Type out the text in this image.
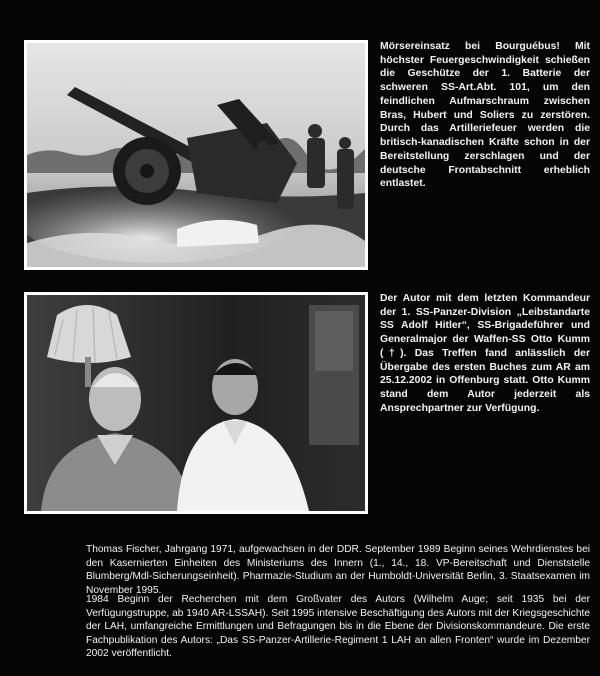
Mörsereinsatz bei Bourguébus! Mit höchster Feuergeschwindigkeit schießen die Geschütze der 1. Batterie der schweren SS-Art.Abt. 101, um den feindlichen Aufmarschraum zwischen Bras, Hubert und Soliers zu zerstören. Durch das Artilleriefeuer werden die britisch-kanadischen Kräfte schon in der Bereitstellung zerschlagen und der deutsche Frontabschnitt erheblich entlastet.
Der Autor mit dem letzten Kommandeur der 1. SS-Panzer-Division „Leibstandarte SS Adolf Hitler“, SS-Brigadeführer und Generalmajor der Waffen-SS Otto Kumm (†). Das Treffen fand anlässlich der Übergabe des ersten Buches zum AR am 25.12.2002 in Offenburg statt. Otto Kumm stand dem Autor jederzeit als Ansprechpartner zur Verfügung.

Thomas Fischer, Jahrgang 1971, aufgewachsen in der DDR. September 1989 Beginn seines Wehrdienstes bei den Kasernierten Einheiten des Ministeriums des Innern (1., 14., 18. VP-Bereitschaft und Dienststelle Blumberg/Mdl-Sicherungseinheit). Pharmazie-Studium an der Humboldt-Universität Berlin, 3. Staatsexamen im November 1995.

1984 Beginn der Recherchen mit dem Großvater des Autors (Wilhelm Auge; seit 1935 bei der Verfügungstruppe, ab 1940 AR-LSSAH). Seit 1995 intensive Beschäftigung des Autors mit der Kriegsgeschichte der LAH, umfangreiche Ermittlungen und Befragungen bis in die Ebene der Divisionskommandeure. Die erste Fachpublikation des Autors: „Das SS-Panzer-Artillerie-Regiment 1 LAH an allen Fronten“ wurde im Dezember 2002 veröffentlicht.
